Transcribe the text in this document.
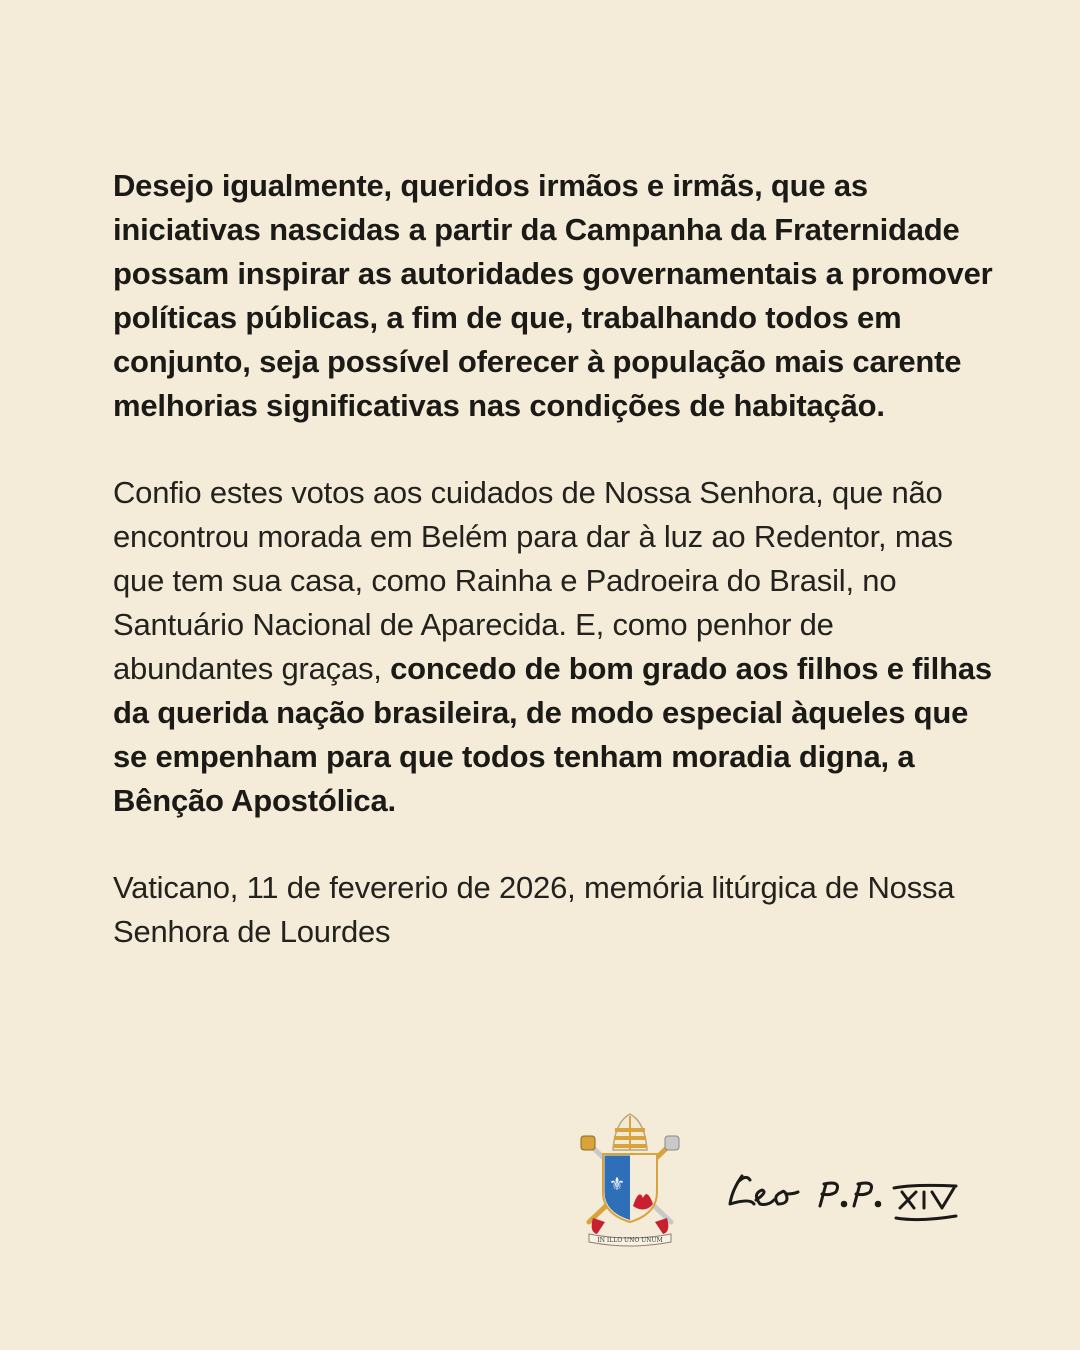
Desejo igualmente, queridos irmãos e irmãs, que as iniciativas nascidas a partir da Campanha da Fraternidade possam inspirar as autoridades governamentais a promover políticas públicas, a fim de que, trabalhando todos em conjunto, seja possível oferecer à população mais carente melhorias significativas nas condições de habitação.

Confio estes votos aos cuidados de Nossa Senhora, que não encontrou morada em Belém para dar à luz ao Redentor, mas que tem sua casa, como Rainha e Padroeira do Brasil, no Santuário Nacional de Aparecida. E, como penhor de abundantes graças, concedo de bom grado aos filhos e filhas da querida nação brasileira, de modo especial àqueles que se empenham para que todos tenham moradia digna, a Bênção Apostólica.

Vaticano, 11 de fevererio de 2026, memória litúrgica de Nossa Senhora de Lourdes

⚜
IN ILLO UNO UNUM	Leo P.P. XIV
